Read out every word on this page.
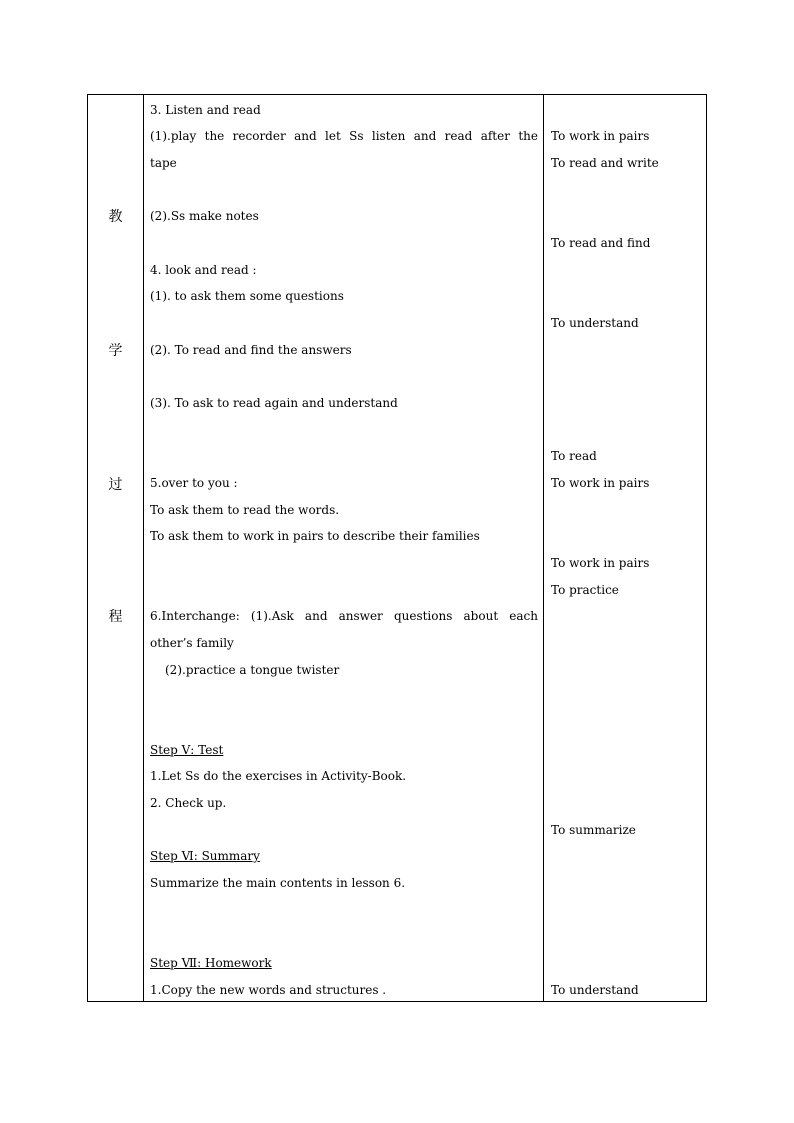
教
学
过
程
3. Listen and read
(1).play the recorder and let Ss listen and read after the
tape
(2).Ss make notes
4. look and read :
(1). to ask them some questions
(2). To read and find the answers
(3). To ask to read again and understand
5.over to you :
To ask them to read the words.
To ask them to work in pairs to describe their families
6.Interchange: (1).Ask and answer questions about each
other’s family
(2).practice a tongue twister
Step Ⅴ: Test
1.Let Ss do the exercises in Activity-Book.
2. Check up.
Step Ⅵ: Summary
Summarize the main contents in lesson 6.
Step Ⅶ: Homework
1.Copy the new words and structures .
To work in pairs
To read and write
To read and find
To understand
To read
To work in pairs
To work in pairs
To practice
To summarize
To understand
